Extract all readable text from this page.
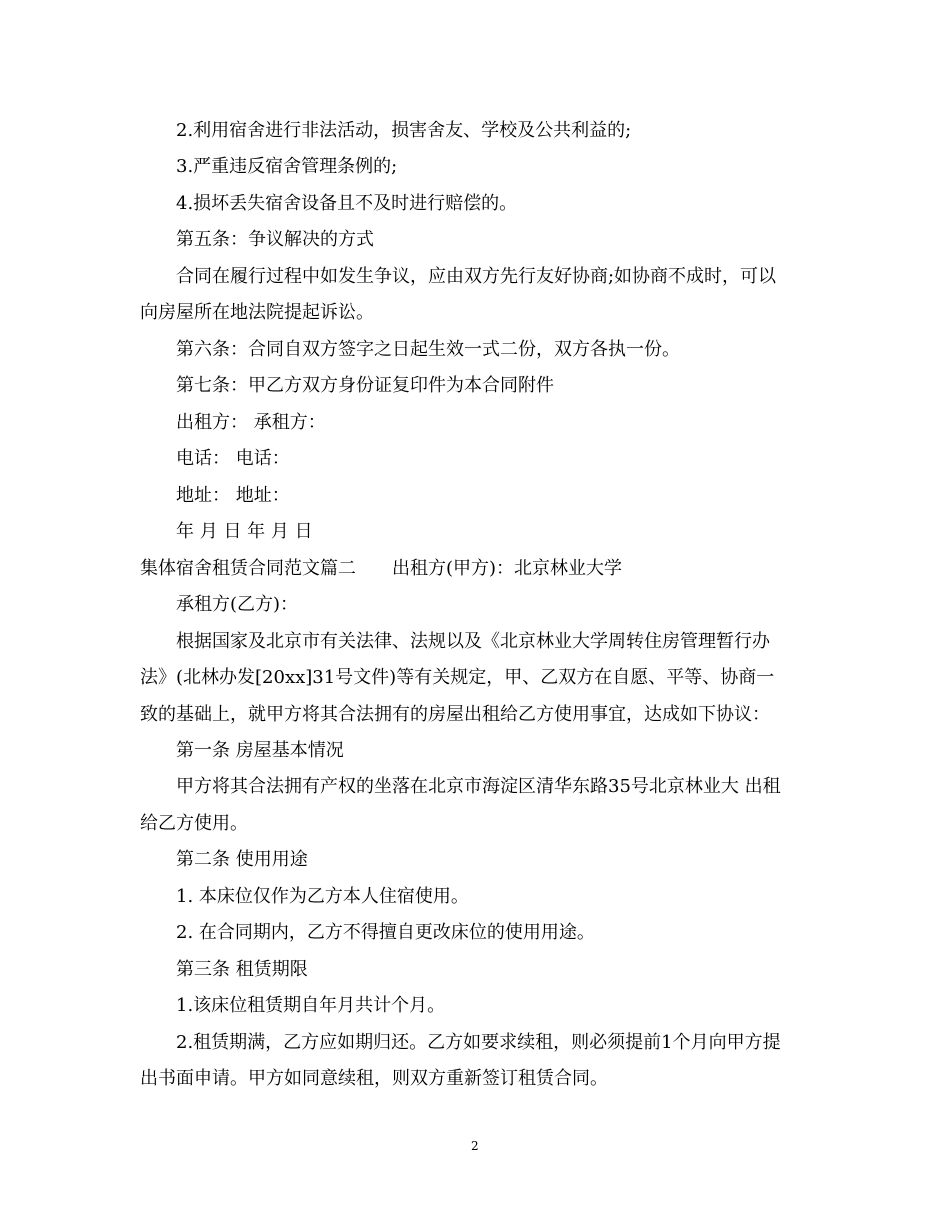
2.利用宿舍进行非法活动，损害舍友、学校及公共利益的;
3.严重违反宿舍管理条例的;
4.损坏丢失宿舍设备且不及时进行赔偿的。
第五条：争议解决的方式
合同在履行过程中如发生争议，应由双方先行友好协商;如协商不成时，可以
向房屋所在地法院提起诉讼。
第六条：合同自双方签字之日起生效一式二份，双方各执一份。
第七条：甲乙方双方身份证复印件为本合同附件
出租方： 承租方：
电话： 电话：
地址： 地址：
年 月 日 年 月 日
集体宿舍租赁合同范文篇二　　出租方(甲方)：北京林业大学
承租方(乙方)：
根据国家及北京市有关法律、法规以及《北京林业大学周转住房管理暂行办
法》(北林办发[20xx]31号文件)等有关规定，甲、乙双方在自愿、平等、协商一
致的基础上，就甲方将其合法拥有的房屋出租给乙方使用事宜，达成如下协议：
第一条 房屋基本情况
甲方将其合法拥有产权的坐落在北京市海淀区清华东路35号北京林业大 出租
给乙方使用。
第二条 使用用途
1. 本床位仅作为乙方本人住宿使用。
2. 在合同期内，乙方不得擅自更改床位的使用用途。
第三条 租赁期限
1.该床位租赁期自年月共计个月。
2.租赁期满，乙方应如期归还。乙方如要求续租，则必须提前1个月向甲方提
出书面申请。甲方如同意续租，则双方重新签订租赁合同。
2
